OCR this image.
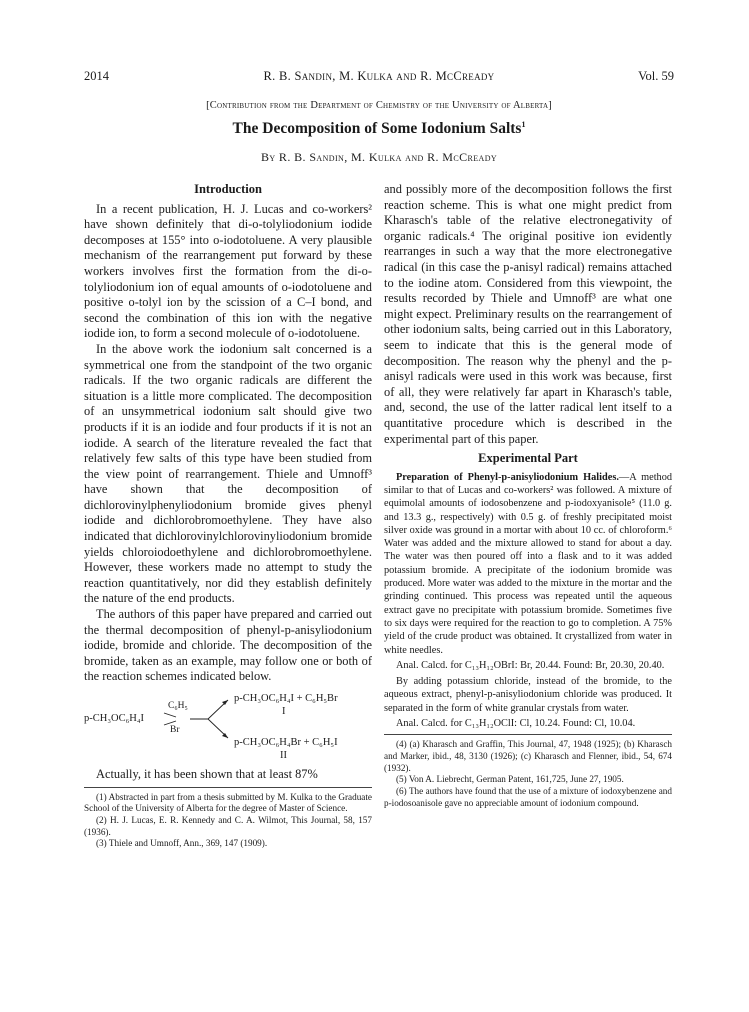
2014	R. B. Sandin, M. Kulka and R. McCready	Vol. 59
[Contribution from the Department of Chemistry of the University of Alberta]
The Decomposition of Some Iodonium Salts$^1$
By R. B. Sandin, M. Kulka and R. McCready
Introduction

In a recent publication, H. J. Lucas and co-workers² have shown definitely that di-o-tolyliodonium iodide decomposes at 155° into o-iodotoluene. A very plausible mechanism of the rearrangement put forward by these workers involves first the formation from the di-o-tolyliodonium ion of equal amounts of o-iodotoluene and positive o-tolyl ion by the scission of a C–I bond, and second the combination of this ion with the negative iodide ion, to form a second molecule of o-iodotoluene.

In the above work the iodonium salt concerned is a symmetrical one from the standpoint of the two organic radicals. If the two organic radicals are different the situation is a little more complicated. The decomposition of an unsymmetrical iodonium salt should give two products if it is an iodide and four products if it is not an iodide. A search of the literature revealed the fact that relatively few salts of this type have been studied from the view point of rearrangement. Thiele and Umnoff³ have shown that the decomposition of dichlorovinylphenyliodonium bromide gives phenyl iodide and dichlorobromoethylene. They have also indicated that dichlorovinylchlorovinyliodonium bromide yields chloroiodoethylene and dichlorobromoethylene. However, these workers made no attempt to study the reaction quantitatively, nor did they establish definitely the nature of the end products.

The authors of this paper have prepared and carried out the thermal decomposition of phenyl-p-anisyliodonium iodide, bromide and chloride. The decomposition of the bromide, taken as an example, may follow one or both of the reaction schemes indicated below.

p-CH₃OC₆H₄I
C₆H₅
Br
p-CH₃OC₆H₄I + C₆H₅Br
I
p-CH₃OC₆H₄Br + C₆H₅I
II

Actually, it has been shown that at least 87%

(1) Abstracted in part from a thesis submitted by M. Kulka to the Graduate School of the University of Alberta for the degree of Master of Science.

(2) H. J. Lucas, E. R. Kennedy and C. A. Wilmot, This Journal, 58, 157 (1936).

(3) Thiele and Umnoff, Ann., 369, 147 (1909).

and possibly more of the decomposition follows the first reaction scheme. This is what one might predict from Kharasch's table of the relative electronegativity of organic radicals.⁴ The original positive ion evidently rearranges in such a way that the more electronegative radical (in this case the p-anisyl radical) remains attached to the iodine atom. Considered from this viewpoint, the results recorded by Thiele and Umnoff³ are what one might expect. Preliminary results on the rearrangement of other iodonium salts, being carried out in this Laboratory, seem to indicate that this is the general mode of decomposition. The reason why the phenyl and the p-anisyl radicals were used in this work was because, first of all, they were relatively far apart in Kharasch's table, and, second, the use of the latter radical lent itself to a quantitative procedure which is described in the experimental part of this paper.

Experimental Part

Preparation of Phenyl-p-anisyliodonium Halides.—A method similar to that of Lucas and co-workers² was followed. A mixture of equimolal amounts of iodosobenzene and p-iodoxyanisole⁵ (11.0 g. and 13.3 g., respectively) with 0.5 g. of freshly precipitated moist silver oxide was ground in a mortar with about 10 cc. of chloroform.⁶ Water was added and the mixture allowed to stand for about a day. The water was then poured off into a flask and to it was added potassium bromide. A precipitate of the iodonium bromide was produced. More water was added to the mixture in the mortar and the grinding continued. This process was repeated until the aqueous extract gave no precipitate with potassium bromide. Sometimes five to six days were required for the reaction to go to completion. A 75% yield of the crude product was obtained. It crystallized from water in white needles.

Anal. Calcd. for C₁₃H₁₂OBrI: Br, 20.44. Found: Br, 20.30, 20.40.

By adding potassium chloride, instead of the bromide, to the aqueous extract, phenyl-p-anisyliodonium chloride was produced. It separated in the form of white granular crystals from water.

Anal. Calcd. for C₁₃H₁₂OClI: Cl, 10.24. Found: Cl, 10.04.

(4) (a) Kharasch and Graffin, This Journal, 47, 1948 (1925); (b) Kharasch and Marker, ibid., 48, 3130 (1926); (c) Kharasch and Flenner, ibid., 54, 674 (1932).

(5) Von A. Liebrecht, German Patent, 161,725, June 27, 1905.

(6) The authors have found that the use of a mixture of iodoxybenzene and p-iodosoanisole gave no appreciable amount of iodonium compound.
